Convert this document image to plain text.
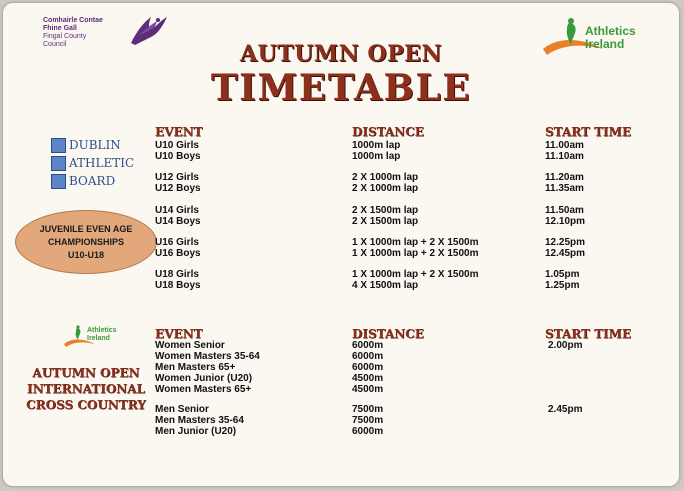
Comhairle Contae
Fhine Gall
Fingal County
Council
Athletics
Ireland
AUTUMN OPEN
TIMETABLE
DUBLIN
ATHLETIC
BOARD
JUVENILE EVEN AGE
CHAMPIONSHIPS
U10-U18
EVENT	DISTANCE	START TIME
U10 Girls	1000m lap	11.00am
U10 Boys	1000m lap	11.10am
U12 Girls	2 X 1000m lap	11.20am
U12 Boys	2 X 1000m lap	11.35am
U14 Girls	2 X 1500m lap	11.50am
U14 Boys	2 X 1500m lap	12.10pm
U16 Girls	1 X 1000m lap + 2 X 1500m	12.25pm
U16 Boys	1 X 1000m lap + 2 X 1500m	12.45pm
U18 Girls	1 X 1000m lap + 2 X 1500m	1.05pm
U18 Boys	4 X 1500m lap	1.25pm
Athletics
Ireland
AUTUMN OPEN
INTERNATIONAL
CROSS COUNTRY
EVENT	DISTANCE	START TIME
Women Senior	6000m	2.00pm
Women Masters 35-64	6000m
Men Masters 65+	6000m
Women Junior (U20)	4500m
Women Masters 65+	4500m
Men Senior	7500m	2.45pm
Men Masters 35-64	7500m
Men Junior (U20)	6000m
